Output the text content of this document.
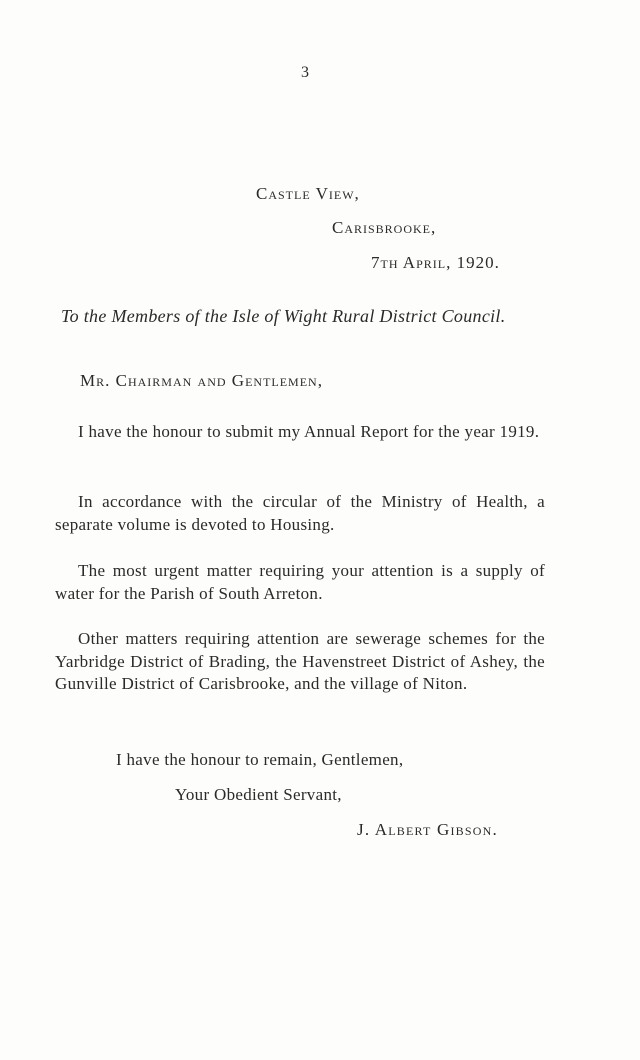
3
Castle View,
Carisbrooke,
7th April, 1920.
To the Members of the Isle of Wight Rural District Council.
Mr. Chairman and Gentlemen,

I have the honour to submit my Annual Report for the year 1919.

In accordance with the circular of the Ministry of Health, a separate volume is devoted to Housing.

The most urgent matter requiring your attention is a supply of water for the Parish of South Arreton.

Other matters requiring attention are sewerage schemes for the Yarbridge District of Brading, the Havenstreet District of Ashey, the Gunville District of Carisbrooke, and the village of Niton.

I have the honour to remain, Gentlemen,
Your Obedient Servant,
J. Albert Gibson.
